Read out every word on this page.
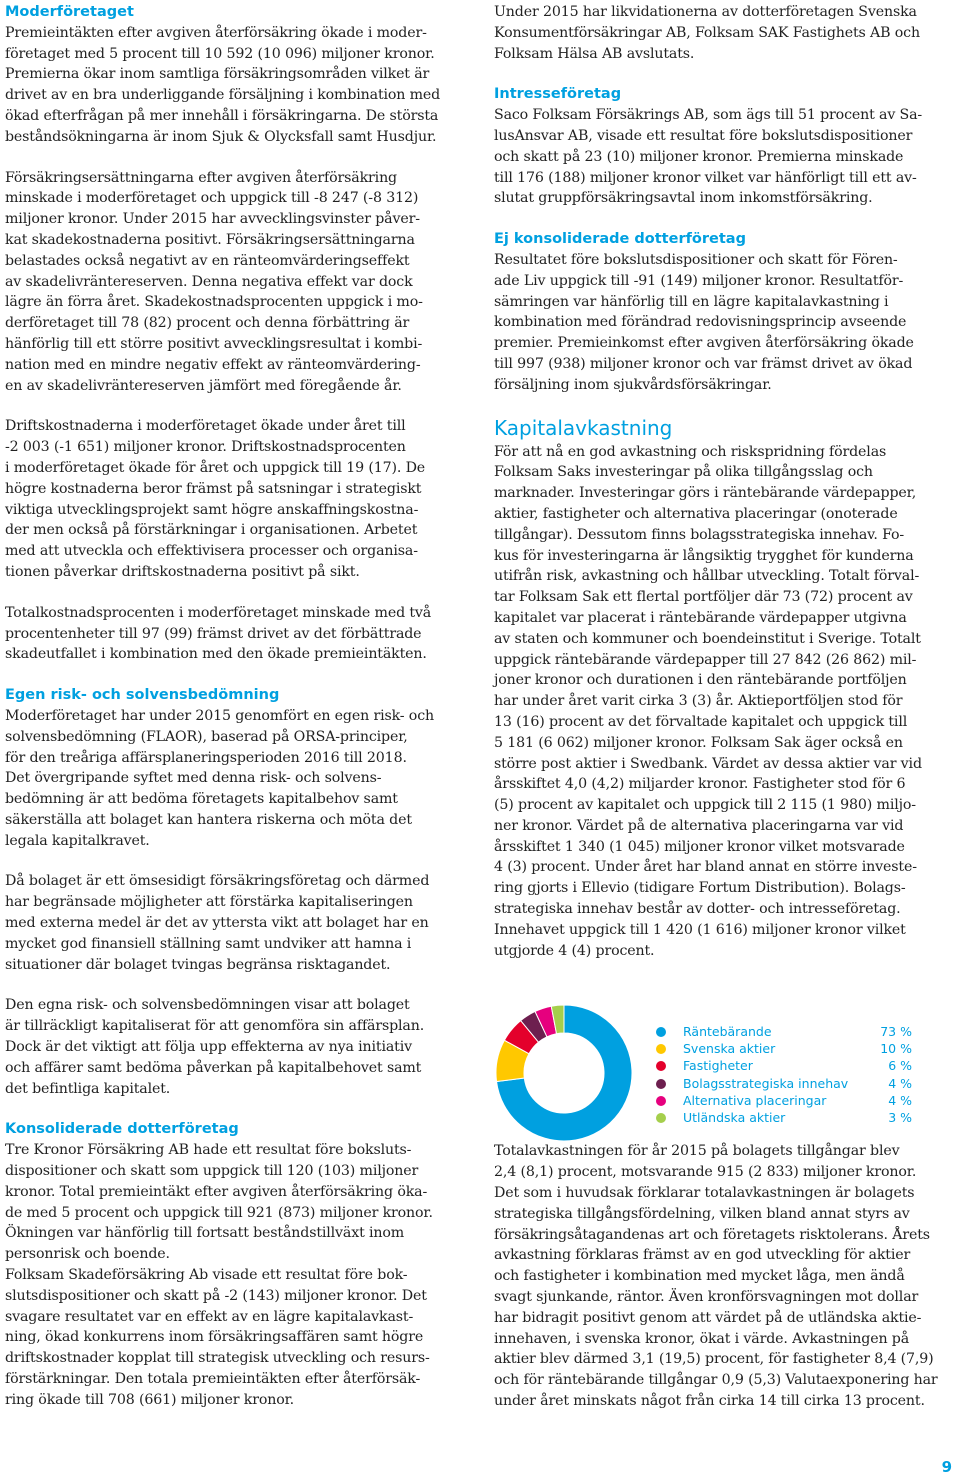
Moderföretaget

Premieintäkten efter avgiven återförsäkring ökade i moder-
företaget med 5 procent till 10 592 (10 096) miljoner kronor.
Premierna ökar inom samtliga försäkringsområden vilket är
drivet av en bra underliggande försäljning i kombination med
ökad efterfrågan på mer innehåll i försäkringarna. De största
beståndsökningarna är inom Sjuk & Olycksfall samt Husdjur.

Försäkringsersättningarna efter avgiven återförsäkring
minskade i moderföretaget och uppgick till -8 247 (-8 312)
miljoner kronor. Under 2015 har avvecklingsvinster påver-
kat skadekostnaderna positivt. Försäkringsersättningarna
belastades också negativt av en ränteomvärderingseffekt
av skadelivräntereserven. Denna negativa effekt var dock
lägre än förra året. Skadekostnadsprocenten uppgick i mo-
derföretaget till 78 (82) procent och denna förbättring är
hänförlig till ett större positivt avvecklingsresultat i kombi-
nation med en mindre negativ effekt av ränteomvärdering-
en av skadelivräntereserven jämfört med föregående år.

Driftskostnaderna i moderföretaget ökade under året till
-2 003 (-1 651) miljoner kronor. Driftskostnadsprocenten
i moderföretaget ökade för året och uppgick till 19 (17). De
högre kostnaderna beror främst på satsningar i strategiskt
viktiga utvecklingsprojekt samt högre anskaffningskostna-
der men också på förstärkningar i organisationen. Arbetet
med att utveckla och effektivisera processer och organisa-
tionen påverkar driftskostnaderna positivt på sikt.

Totalkostnadsprocenten i moderföretaget minskade med två
procentenheter till 97 (99) främst drivet av det förbättrade
skadeutfallet i kombination med den ökade premieintäkten.

Egen risk- och solvensbedömning

Moderföretaget har under 2015 genomfört en egen risk- och
solvensbedömning (FLAOR), baserad på ORSA-principer,
för den treåriga affärsplaneringsperioden 2016 till 2018.
Det övergripande syftet med denna risk- och solvens-
bedömning är att bedöma företagets kapitalbehov samt
säkerställa att bolaget kan hantera riskerna och möta det
legala kapitalkravet.

Då bolaget är ett ömsesidigt försäkringsföretag och därmed
har begränsade möjligheter att förstärka kapitaliseringen
med externa medel är det av yttersta vikt att bolaget har en
mycket god finansiell ställning samt undviker att hamna i
situationer där bolaget tvingas begränsa risktagandet.

Den egna risk- och solvensbedömningen visar att bolaget
är tillräckligt kapitaliserat för att genomföra sin affärsplan.
Dock är det viktigt att följa upp effekterna av nya initiativ
och affärer samt bedöma påverkan på kapitalbehovet samt
det befintliga kapitalet.

Konsoliderade dotterföretag

Tre Kronor Försäkring AB hade ett resultat före boksluts-
dispositioner och skatt som uppgick till 120 (103) miljoner
kronor. Total premieintäkt efter avgiven återförsäkring öka-
de med 5 procent och uppgick till 921 (873) miljoner kronor.
Ökningen var hänförlig till fortsatt beståndstillväxt inom
personrisk och boende.
Folksam Skadeförsäkring Ab visade ett resultat före bok-
slutsdispositioner och skatt på -2 (143) miljoner kronor. Det
svagare resultatet var en effekt av en lägre kapitalavkast-
ning, ökad konkurrens inom försäkringsaffären samt högre
driftskostnader kopplat till strategisk utveckling och resurs-
förstärkningar. Den totala premieintäkten efter återförsäk-
ring ökade till 708 (661) miljoner kronor.

Under 2015 har likvidationerna av dotterföretagen Svenska
Konsumentförsäkringar AB, Folksam SAK Fastighets AB och
Folksam Hälsa AB avslutats.

Intresseföretag

Saco Folksam Försäkrings AB, som ägs till 51 procent av Sa-
lusAnsvar AB, visade ett resultat före bokslutsdispositioner
och skatt på 23 (10) miljoner kronor. Premierna minskade
till 176 (188) miljoner kronor vilket var hänförligt till ett av-
slutat gruppförsäkringsavtal inom inkomstförsäkring.

Ej konsoliderade dotterföretag

Resultatet före bokslutsdispositioner och skatt för Fören-
ade Liv uppgick till -91 (149) miljoner kronor. Resultatför-
sämringen var hänförlig till en lägre kapitalavkastning i
kombination med förändrad redovisningsprincip avseende
premier. Premieinkomst efter avgiven återförsäkring ökade
till 997 (938) miljoner kronor och var främst drivet av ökad
försäljning inom sjukvårdsförsäkringar.

Kapitalavkastning

För att nå en god avkastning och riskspridning fördelas
Folksam Saks investeringar på olika tillgångsslag och
marknader. Investeringar görs i räntebärande värdepapper,
aktier, fastigheter och alternativa placeringar (onoterade
tillgångar). Dessutom finns bolagsstrategiska innehav. Fo-
kus för investeringarna är långsiktig trygghet för kunderna
utifrån risk, avkastning och hållbar utveckling. Totalt förval-
tar Folksam Sak ett flertal portföljer där 73 (72) procent av
kapitalet var placerat i räntebärande värdepapper utgivna
av staten och kommuner och boendeinstitut i Sverige. Totalt
uppgick räntebärande värdepapper till 27 842 (26 862) mil-
joner kronor och durationen i den räntebärande portföljen
har under året varit cirka 3 (3) år. Aktieportföljen stod för
13 (16) procent av det förvaltade kapitalet och uppgick till
5 181 (6 062) miljoner kronor. Folksam Sak äger också en
större post aktier i Swedbank. Värdet av dessa aktier var vid
årsskiftet 4,0 (4,2) miljarder kronor. Fastigheter stod för 6
(5) procent av kapitalet och uppgick till 2 115 (1 980) miljo-
ner kronor. Värdet på de alternativa placeringarna var vid
årsskiftet 1 340 (1 045) miljoner kronor vilket motsvarade
4 (3) procent. Under året har bland annat en större investe-
ring gjorts i Ellevio (tidigare Fortum Distribution). Bolags-
strategiska innehav består av dotter- och intresseföretag.
Innehavet uppgick till 1 420 (1 616) miljoner kronor vilket
utgjorde 4 (4) procent.

Totalavkastningen för år 2015 på bolagets tillgångar blev
2,4 (8,1) procent, motsvarande 915 (2 833) miljoner kronor.
Det som i huvudsak förklarar totalavkastningen är bolagets
strategiska tillgångsfördelning, vilken bland annat styrs av
försäkringsåtagandenas art och företagets risktolerans. Årets
avkastning förklaras främst av en god utveckling för aktier
och fastigheter i kombination med mycket låga, men ändå
svagt sjunkande, räntor. Även kronförsvagningen mot dollar
har bidragit positivt genom att värdet på de utländska aktie-
innehaven, i svenska kronor, ökat i värde. Avkastningen på
aktier blev därmed 3,1 (19,5) procent, för fastigheter 8,4 (7,9)
och för räntebärande tillgångar 0,9 (5,3) Valutaexponering har
under året minskats något från cirka 14 till cirka 13 procent.

Räntebärande	73 %
Svenska aktier	10 %
Fastigheter	6 %
Bolagsstrategiska innehav	4 %
Alternativa placeringar	4 %
Utländska aktier	3 %
9
